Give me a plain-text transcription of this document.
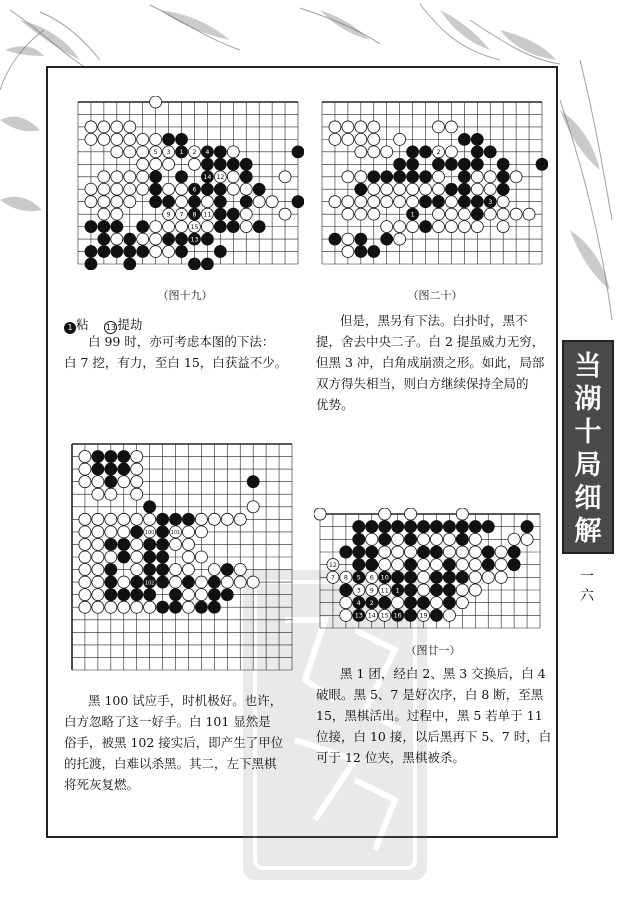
当
湖
十
局
细
解
一
六
14
6
9 7 8 11
15
13
5 3 1 2 4
12
2
3
1
100	101
102
7	10
1
4 2
13	16
8 5 6
3 9 11
14 15	19
12
（图十九）	（图二十）
（图廿一）
1 粘 13提劫

白 99 时，亦可考虑本图的下法：

白 7 挖，有力，至白 15，白获益不少。

但是，黑另有下法。白扑时，黑不

提，舍去中央二子。白 2 提虽威力无穷，

但黑 3 冲，白角成崩溃之形。如此，局部

双方得失相当，则白方继续保持全局的

优势。

黑 100 试应手，时机极好。也许，

白方忽略了这一好手。白 101 显然是

俗手，被黑 102 接实后，即产生了甲位

的托渡，白难以杀黑。其二，左下黑棋

将死灰复燃。

黑 1 团，经白 2、黑 3 交换后，白 4

破眼。黑 5、7 是好次序，白 8 断，至黑

15，黑棋活出。过程中，黑 5 若单于 11

位接，白 10 接，以后黑再下 5、7 时，白

可于 12 位夹，黑棋被杀。
